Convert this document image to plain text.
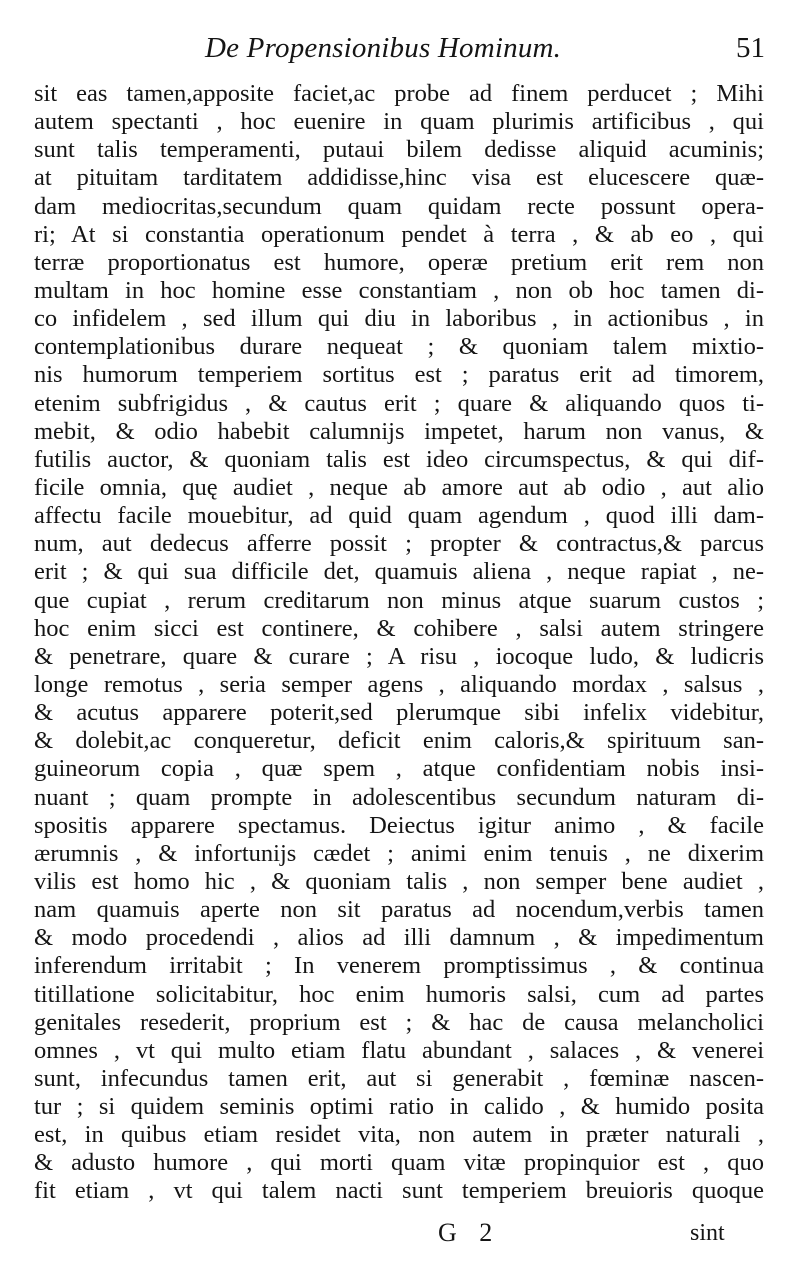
De Propensionibus Hominum.	51
sit eas tamen,apposite faciet,ac probe ad finem perducet ; Mihi
autem spectanti , hoc euenire in quam plurimis artificibus , qui
sunt talis temperamenti, putaui bilem dedisse aliquid acuminis;
at pituitam tarditatem addidisse,hinc visa est elucescere quæ-
dam mediocritas,secundum quam quidam recte possunt opera-
ri; At si constantia operationum pendet à terra , & ab eo , qui
terræ proportionatus est humore, operæ pretium erit rem non
multam in hoc homine esse constantiam , non ob hoc tamen di-
co infidelem , sed illum qui diu in laboribus , in actionibus , in
contemplationibus durare nequeat ; & quoniam talem mixtio-
nis humorum temperiem sortitus est ; paratus erit ad timorem,
etenim subfrigidus , & cautus erit ; quare & aliquando quos ti-
mebit, & odio habebit calumnijs impetet, harum non vanus, &
futilis auctor, & quoniam talis est ideo circumspectus, & qui dif-
ficile omnia, quę audiet , neque ab amore aut ab odio , aut alio
affectu facile mouebitur, ad quid quam agendum , quod illi dam-
num, aut dedecus afferre possit ; propter & contractus,& parcus
erit ; & qui sua difficile det, quamuis aliena , neque rapiat , ne-
que cupiat , rerum creditarum non minus atque suarum custos ;
hoc enim sicci est continere, & cohibere , salsi autem stringere
& penetrare, quare & curare ; A risu , iocoque ludo, & ludicris
longe remotus , seria semper agens , aliquando mordax , salsus ,
& acutus apparere poterit,sed plerumque sibi infelix videbitur,
& dolebit,ac conqueretur, deficit enim caloris,& spirituum san-
guineorum copia , quæ spem , atque confidentiam nobis insi-
nuant ; quam prompte in adolescentibus secundum naturam di-
spositis apparere spectamus. Deiectus igitur animo , & facile
ærumnis , & infortunijs cædet ; animi enim tenuis , ne dixerim
vilis est homo hic , & quoniam talis , non semper bene audiet ,
nam quamuis aperte non sit paratus ad nocendum,verbis tamen
& modo procedendi , alios ad illi damnum , & impedimentum
inferendum irritabit ; In venerem promptissimus , & continua
titillatione solicitabitur, hoc enim humoris salsi, cum ad partes
genitales resederit, proprium est ; & hac de causa melancholici
omnes , vt qui multo etiam flatu abundant , salaces , & venerei
sunt, infecundus tamen erit, aut si generabit , fœminæ nascen-
tur ; si quidem seminis optimi ratio in calido , & humido posita
est, in quibus etiam residet vita, non autem in præter naturali ,
& adusto humore , qui morti quam vitæ propinquior est , quo
fit etiam , vt qui talem nacti sunt temperiem breuioris quoque
G 2	sint
